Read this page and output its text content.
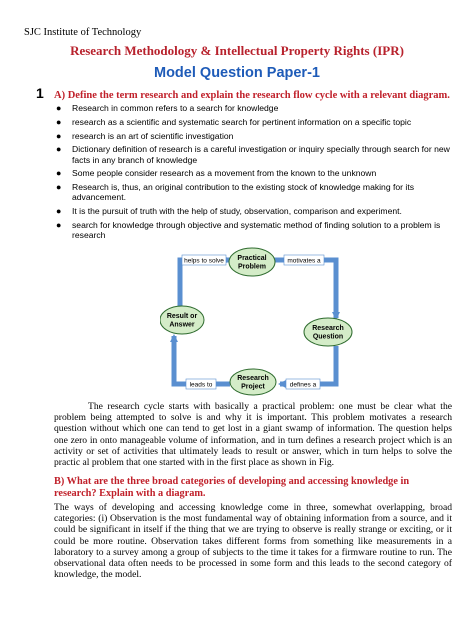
SJC Institute of Technology
Research Methodology & Intellectual Property Rights (IPR)
Model Question Paper-1
1 A) Define the term research and explain the research flow cycle with a relevant diagram.
● Research in common refers to a search for knowledge
● research as a scientific and systematic search for pertinent information on a specific topic
● research is an art of scientific investigation
● Dictionary definition of research is a careful investigation or inquiry specially through search for new facts in any branch of knowledge
● Some people consider research as a movement from the known to the unknown
● Research is, thus, an original contribution to the existing stock of knowledge making for its advancement.
● It is the pursuit of truth with the help of study, observation, comparison and experiment.
● search for knowledge through objective and systematic method of finding solution to a problem is research
helps to solve	motivates a
defines a
leads to
Practical
Problem
Research
Question
Research
Project
Result or
Answer

The research cycle starts with basically a practical problem: one must be clear what the problem being attempted to solve is and why it is important. This problem motivates a research question without which one can tend to get lost in a giant swamp of information. The question helps one zero in onto manageable volume of information, and in turn defines a research project which is an activity or set of activities that ultimately leads to result or answer, which in turn helps to solve the practic al problem that one started with in the first place as shown in Fig.

B) What are the three broad categories of developing and accessing knowledge in research? Explain with a diagram.

The ways of developing and accessing knowledge come in three, somewhat overlapping, broad categories: (i) Observation is the most fundamental way of obtaining information from a source, and it could be significant in itself if the thing that we are trying to observe is really strange or exciting, or it could be more routine. Observation takes different forms from something like measurements in a laboratory to a survey among a group of subjects to the time it takes for a firmware routine to run. The observational data often needs to be processed in some form and this leads to the second category of knowledge, the model.
